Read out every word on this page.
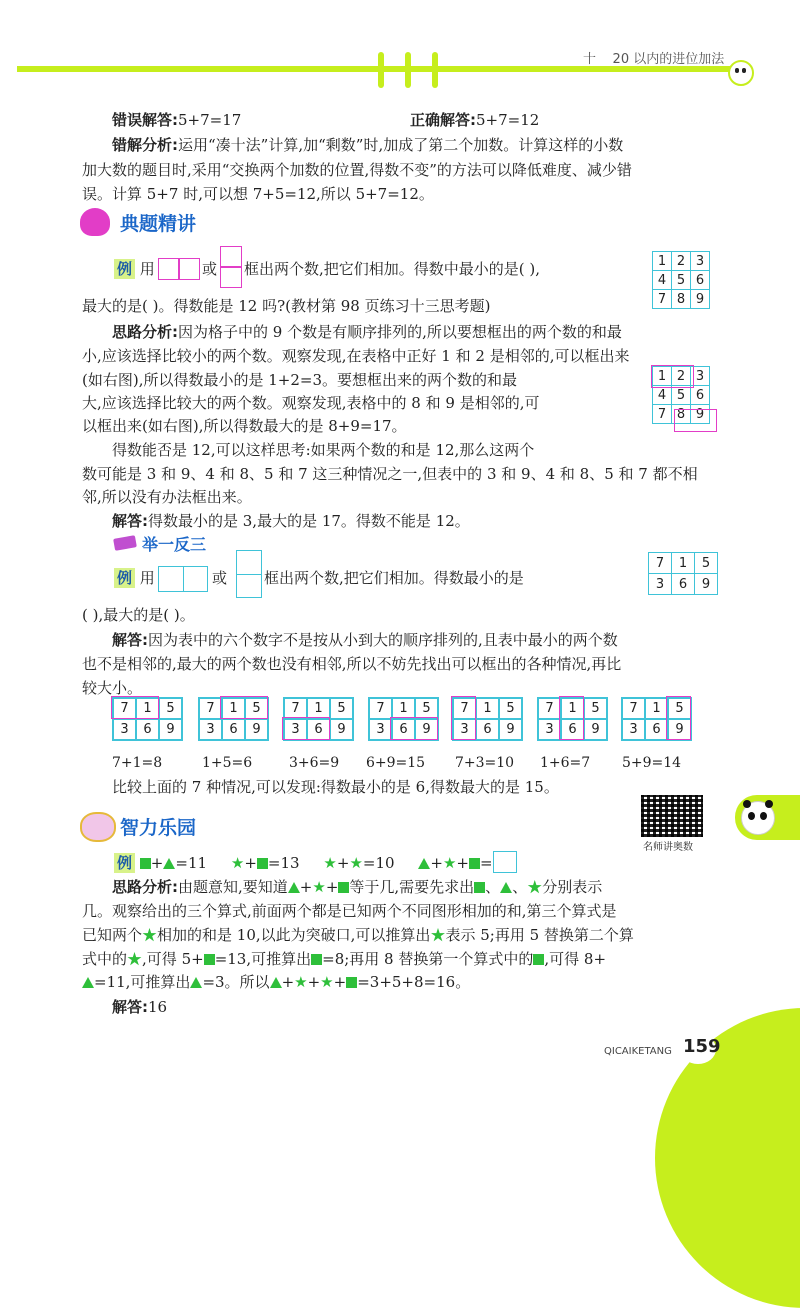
十 20 以内的进位加法
错误解答:5+7=17	正确解答:5+7=12
错解分析:运用“凑十法”计算,加“剩数”时,加成了第二个加数。计算这样的小数
加大数的题目时,采用“交换两个加数的位置,得数不变”的方法可以降低难度、减少错
误。计算 5+7 时,可以想 7+5=12,所以 5+7=12。
典题精讲
例 用	或 框出两个数,把它们相加。得数中最小的是( ),
最大的是( )。得数能是 12 吗?(教材第 98 页练习十三思考题)
1	2	3
4	5	6
7	8	9
思路分析:因为格子中的 9 个数是有顺序排列的,所以要想框出的两个数的和最
小,应该选择比较小的两个数。观察发现,在表格中正好 1 和 2 是相邻的,可以框出来
(如右图),所以得数最小的是 1+2=3。要想框出来的两个数的和最
大,应该选择比较大的两个数。观察发现,表格中的 8 和 9 是相邻的,可
以框出来(如右图),所以得数最大的是 8+9=17。
1	2	3
4	5	6
7	8	9
得数能否是 12,可以这样思考:如果两个数的和是 12,那么这两个
数可能是 3 和 9、4 和 8、5 和 7 这三种情况之一,但表中的 3 和 9、4 和 8、5 和 7 都不相
邻,所以没有办法框出来。
解答:得数最小的是 3,最大的是 17。得数不能是 12。
举一反三
例 用	或 框出两个数,把它们相加。得数最小的是
( ),最大的是( )。
7	1	5
3	6	9
解答:因为表中的六个数字不是按从小到大的顺序排列的,且表中最小的两个数
也不是相邻的,最大的两个数也没有相邻,所以不妨先找出可以框出的各种情况,再比
较大小。
7	1	5
3	6	9
7	1	5
3	6	9
7	1	5
3	6	9
7	1	5
3	6	9
7	1	5
3	6	9
7	1	5
3	6	9
7	1	5
3	6	9
7+1=8	1+5=6	3+6=9 6+9=15 7+3=10 1+6=7 5+9=14
比较上面的 7 种情况,可以发现:得数最小的是 6,得数最大的是 15。
智力乐园
名师讲奥数
例 + =11 ★+ =13 ★+★=10 +★+ =
思路分析:由题意知,要知道 +★+ 等于几,需要先求出 、 、★分别表示
几。观察给出的三个算式,前面两个都是已知两个不同图形相加的和,第三个算式是
已知两个★相加的和是 10,以此为突破口,可以推算出★表示 5;再用 5 替换第二个算
式中的★,可得 5+ =13,可推算出 =8;再用 8 替换第一个算式中的 ,可得 8+
=11,可推算出 =3。所以 +★+★+ =3+5+8=16。
解答:16
QICAIKETANG 159
